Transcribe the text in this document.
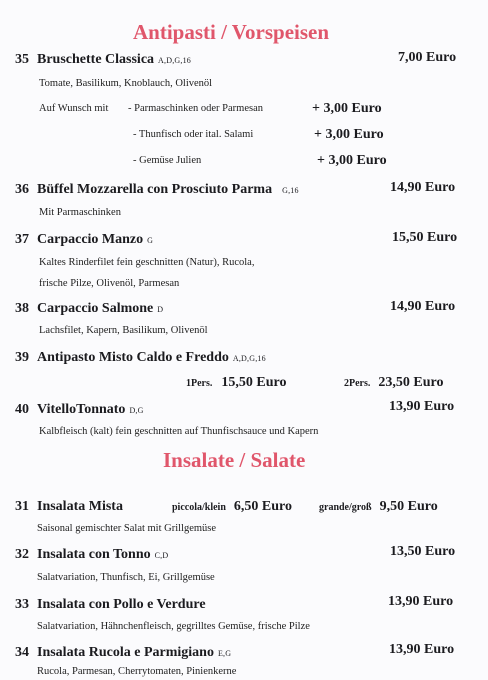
Antipasti / Vorspeisen
35 Bruschette Classica A,D,G,16	7,00 Euro
Tomate, Basilikum, Knoblauch, Olivenöl
Auf Wunsch mit - Parmaschinken oder Parmesan	+ 3,00 Euro
- Thunfisch oder ital. Salami	+ 3,00 Euro
- Gemüse Julien	+ 3,00 Euro
36 Büffel Mozzarella con Prosciuto Parma G,16	14,90 Euro
Mit Parmaschinken
37 Carpaccio Manzo G	15,50 Euro
Kaltes Rinderfilet fein geschnitten (Natur), Rucola,
frische Pilze, Olivenöl, Parmesan
38 Carpaccio Salmone D	14,90 Euro
Lachsfilet, Kapern, Basilikum, Olivenöl
39 Antipasto Misto Caldo e Freddo A,D,G,16
1Pers. 15,50 Euro	2Pers. 23,50 Euro
40 VitelloTonnato D,G	13,90 Euro
Kalbfleisch (kalt) fein geschnitten auf Thunfischsauce und Kapern
Insalate / Salate
31 Insalata Mista	piccola/klein 6,50 Euro	grande/groß 9,50 Euro
Saisonal gemischter Salat mit Grillgemüse
32 Insalata con Tonno C,D	13,50 Euro
Salatvariation, Thunfisch, Ei, Grillgemüse
33 Insalata con Pollo e Verdure	13,90 Euro
Salatvariation, Hähnchenfleisch, gegrilltes Gemüse, frische Pilze
34 Insalata Rucola e Parmigiano E,G	13,90 Euro
Rucola, Parmesan, Cherrytomaten, Pinienkerne
